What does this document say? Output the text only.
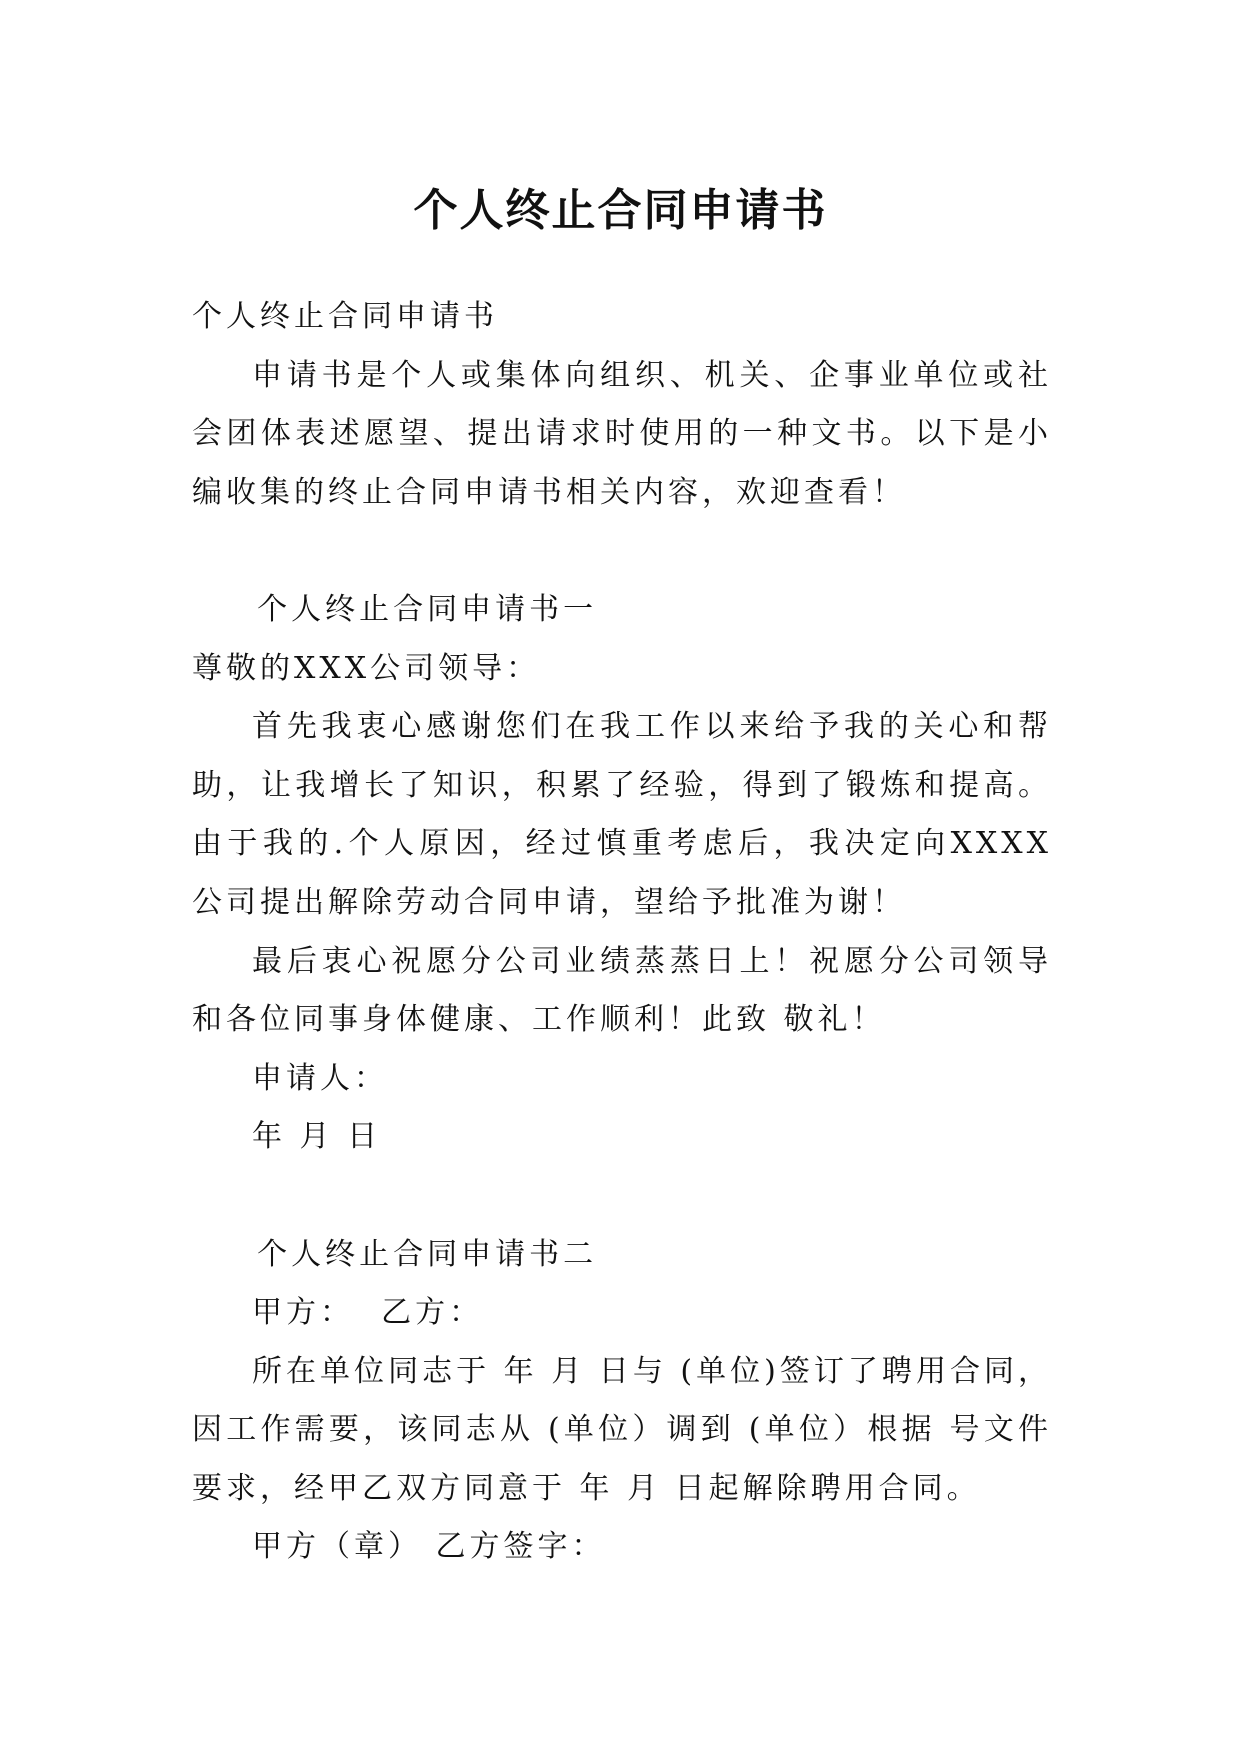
个人终止合同申请书

个人终止合同申请书

申请书是个人或集体向组织、机关、企事业单位或社会团体表述愿望、提出请求时使用的一种文书。以下是小编收集的终止合同申请书相关内容，欢迎查看！

个人终止合同申请书一

尊敬的XXX公司领导：

首先我衷心感谢您们在我工作以来给予我的关心和帮助，让我增长了知识，积累了经验，得到了锻炼和提高。由于我的.个人原因，经过慎重考虑后，我决定向XXXX公司提出解除劳动合同申请，望给予批准为谢！

最后衷心祝愿分公司业绩蒸蒸日上！祝愿分公司领导和各位同事身体健康、工作顺利！此致 敬礼！

申请人：

年 月 日

个人终止合同申请书二

甲方：  乙方：

所在单位同志于 年 月 日与 (单位)签订了聘用合同，因工作需要，该同志从 (单位）调到 (单位）根据 号文件要求，经甲乙双方同意于 年 月 日起解除聘用合同。

甲方（章） 乙方签字：
